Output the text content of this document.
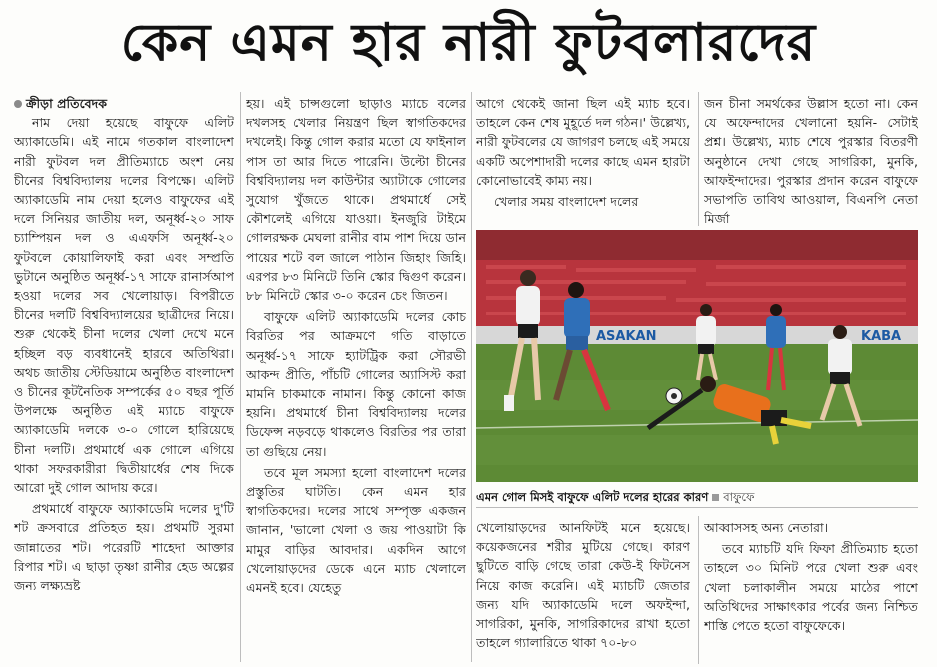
কেন এমন হার নারী ফুটবলারদের
ক্রীড়া প্রতিবেদক

নাম দেয়া হয়েছে বাফুফে এলিট অ্যাকাডেমি। এই নামে গতকাল বাংলাদেশ নারী ফুটবল দল প্রীতিম্যাচে অংশ নেয় চীনের বিশ্ববিদ্যালয় দলের বিপক্ষে। এলিট অ্যাকাডেমি নাম দেয়া হলেও বাফুফের এই দলে সিনিয়র জাতীয় দল, অনূর্ধ্ব-২০ সাফ চ্যাম্পিয়ন দল ও এএফসি অনূর্ধ্ব-২০ ফুটবলে কোয়ালিফাই করা এবং সম্প্রতি ভুটানে অনুষ্ঠিত অনূর্ধ্ব-১৭ সাফে রানার্সআপ হওয়া দলের সব খেলোয়াড়। বিপরীতে চীনের দলটি বিশ্ববিদ্যালয়ের ছাত্রীদের নিয়ে। শুরু থেকেই চীনা দলের খেলা দেখে মনে হচ্ছিল বড় ব্যবধানেই হারবে অতিথিরা। অথচ জাতীয় স্টেডিয়ামে অনুষ্ঠিত বাংলাদেশ ও চীনের কূটনৈতিক সম্পর্কের ৫০ বছর পূর্তি উপলক্ষে অনুষ্ঠিত এই ম্যাচে বাফুফে অ্যাকাডেমি দলকে ৩-০ গোলে হারিয়েছে চীনা দলটি। প্রথমার্ধে এক গোলে এগিয়ে থাকা সফরকারীরা দ্বিতীয়ার্ধের শেষ দিকে আরো দুই গোল আদায় করে।

প্রথমার্ধে বাফুফে অ্যাকাডেমি দলের দু'টি শট ক্রসবারে প্রতিহত হয়। প্রথমটি সুরমা জান্নাতের শট। পরেরটি শাহেদা আক্তার রিপার শট। এ ছাড়া তৃষ্ণা রানীর হেড অল্পের জন্য লক্ষ্যভ্রষ্ট

হয়। এই চান্সগুলো ছাড়াও ম্যাচে বলের দখলসহ খেলার নিয়ন্ত্রণ ছিল স্বাগতিকদের দখলেই। কিন্তু গোল করার মতো যে ফাইনাল পাস তা আর দিতে পারেনি। উল্টো চীনের বিশ্ববিদ্যালয় দল কাউন্টার অ্যাটাকে গোলের সুযোগ খুঁজতে থাকে। প্রথমার্ধে সেই কৌশলেই এগিয়ে যাওয়া। ইনজুরি টাইমে গোলরক্ষক মেঘলা রানীর বাম পাশ দিয়ে ডান পায়ের শটে বল জালে পাঠান জিহাং জিহি। এরপর ৮৩ মিনিটে তিনি স্কোর দ্বিগুণ করেন। ৮৮ মিনিটে স্কোর ৩-০ করেন চেং জিতন।

বাফুফে এলিট অ্যাকাডেমি দলের কোচ বিরতির পর আক্রমণে গতি বাড়াতে অনূর্ধ্ব-১৭ সাফে হ্যাটট্রিক করা সৌরভী আকন্দ প্রীতি, পাঁচটি গোলের অ্যাসিস্ট করা মামনি চাকমাকে নামান। কিন্তু কোনো কাজ হয়নি। প্রথমার্ধে চীনা বিশ্ববিদ্যালয় দলের ডিফেন্স নড়বড়ে থাকলেও বিরতির পর তারা তা গুছিয়ে নেয়।

তবে মূল সমস্যা হলো বাংলাদেশ দলের প্রস্তুতির ঘাটতি। কেন এমন হার স্বাগতিকদের। দলের সাথে সম্পৃক্ত একজন জানান, 'ভালো খেলা ও জয় পাওয়াটা কি মামুর বাড়ির আবদার। একদিন আগে খেলোয়াড়দের ডেকে এনে ম্যাচ খেলালে এমনই হবে। যেহেতু

আগে থেকেই জানা ছিল এই ম্যাচ হবে। তাহলে কেন শেষ মুহূর্তে দল গঠন।' উল্লেখ্য, নারী ফুটবলের যে জাগরণ চলছে এই সময়ে একটি অপেশাদারী দলের কাছে এমন হারটা কোনোভাবেই কাম্য নয়।

খেলার সময় বাংলাদেশ দলের

জন চীনা সমর্থকের উল্লাস হতো না। কেন যে অফেন্দাদের খেলানো হয়নি- সেটাই প্রশ্ন। উল্লেখ্য, ম্যাচ শেষে পুরস্কার বিতরণী অনুষ্ঠানে দেখা গেছে সাগরিকা, মুনকি, আফইন্দাদের। পুরস্কার প্রদান করেন বাফুফে সভাপতি তাবিথ আওয়াল, বিএনপি নেতা মির্জা

ASAKAN	KABA
এমন গোল মিসই বাফুফে এলিট দলের হারের কারণ বাফুফে

খেলোয়াড়দের আনফিটই মনে হয়েছে। কয়েকজনের শরীর মুটিয়ে গেছে। কারণ ছুটিতে বাড়ি গেছে তারা কেউ-ই ফিটনেস নিয়ে কাজ করেনি। এই ম্যাচটি জেতার জন্য যদি অ্যাকাডেমি দলে অফইন্দা, সাগরিকা, মুনকি, সাগরিকাদের রাখা হতো তাহলে গ্যালারিতে থাকা ৭০-৮০

আব্বাসসহ অন্য নেতারা।

তবে ম্যাচটি যদি ফিফা প্রীতিম্যাচ হতো তাহলে ৩০ মিনিট পরে খেলা শুরু এবং খেলা চলাকালীন সময়ে মাঠের পাশে অতিথিদের সাক্ষাৎকার পর্বের জন্য নিশ্চিত শাস্তি পেতে হতো বাফুফেকে।
